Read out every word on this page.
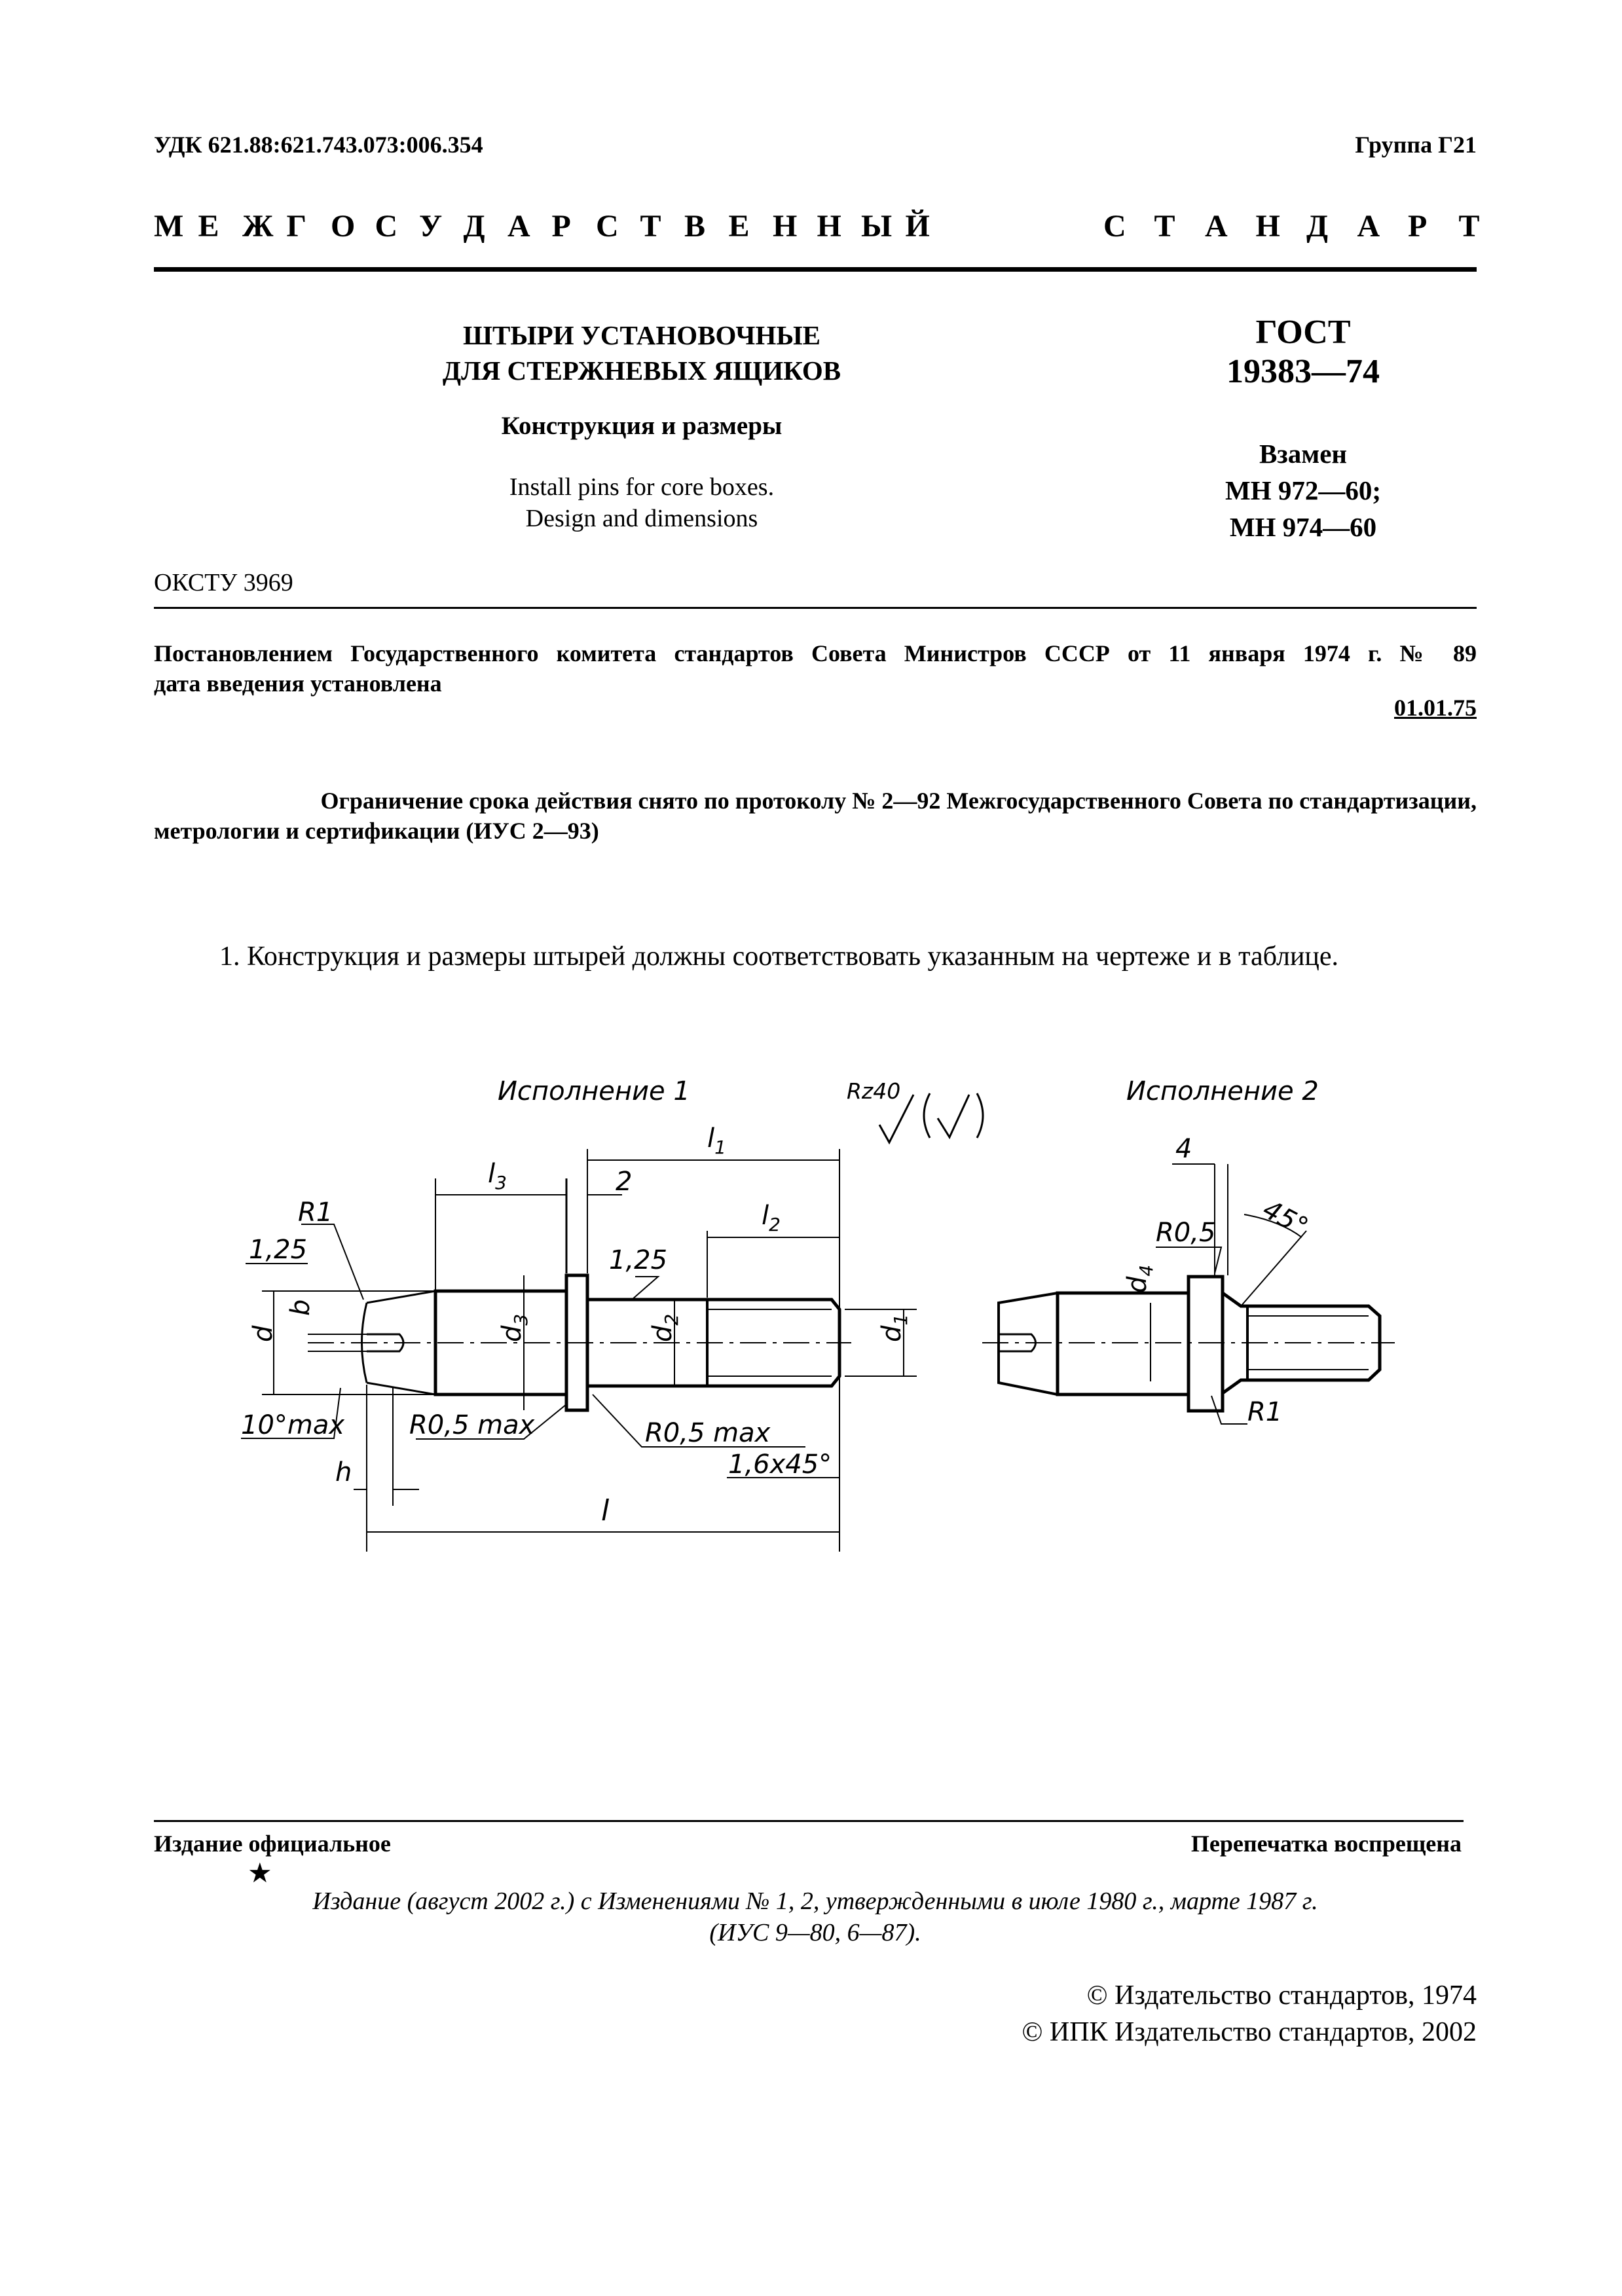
УДК 621.88:621.743.073:006.354	Группа Г21
М Е Ж Г О С У Д А Р С Т В Е Н Н Ы Й	С Т А Н Д А Р Т
ШТЫРИ УСТАНОВОЧНЫЕ
ДЛЯ СТЕРЖНЕВЫХ ЯЩИКОВ
Конструкция и размеры
Install pins for core boxes.
Design and dimensions
ГОСТ
19383—74
Взамен
МН 972—60;
МН 974—60
ОКСТУ 3969
Постановлением Государственного комитета стандартов Совета Министров СССР от 11 января 1974 г. № 89
дата введения установлена
01.01.75
Ограничение срока действия снято по протоколу № 2—92 Межгосударственного Совета по стандартизации,
метрологии и сертификации (ИУС 2—93)
1. Конструкция и размеры штырей должны соответствовать указанным на чертеже и в таблице.
Исполнение 1	Исполнение 2
Rz40
$l_1$
$l_3$	2
$l_2$
R1
1,25	1,25
b
d	$d_3$
$d_2$
$d_1$
10°max R0,5 max	R0,5 max
1,6x45°
h
l
4
R0,5 45°
$d_4$
R1
Издание официальное	Перепечатка воспрещена
★
Издание (август 2002 г.) с Изменениями № 1, 2, утвержденными в июле 1980 г., марте 1987 г.
(ИУС 9—80, 6—87).
© Издательство стандартов, 1974
© ИПК Издательство стандартов, 2002
